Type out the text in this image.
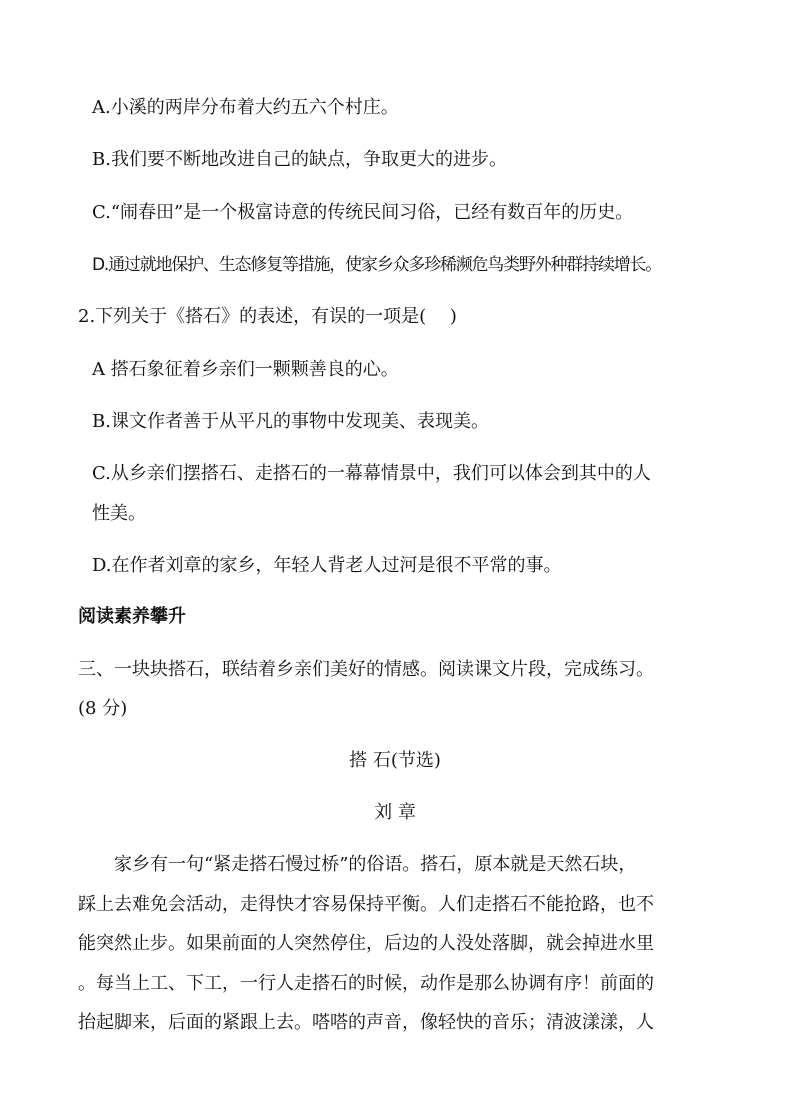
A.小溪的两岸分布着大约五六个村庄。
B.我们要不断地改进自己的缺点，争取更大的进步。
C.“闹春田”是一个极富诗意的传统民间习俗，已经有数百年的历史。
D.通过就地保护、生态修复等措施，使家乡众多珍稀濒危鸟类野外种群持续增长。
2.下列关于《搭石》的表述，有误的一项是(　 )
A 搭石象征着乡亲们一颗颗善良的心。
B.课文作者善于从平凡的事物中发现美、表现美。
C.从乡亲们摆搭石、走搭石的一幕幕情景中，我们可以体会到其中的人
性美。
D.在作者刘章的家乡，年轻人背老人过河是很不平常的事。
阅读素养攀升
三、一块块搭石，联结着乡亲们美好的情感。阅读课文片段，完成练习。
(8 分)
搭 石(节选)
刘 章
家乡有一句“紧走搭石慢过桥”的俗语。搭石，原本就是天然石块，
踩上去难免会活动，走得快才容易保持平衡。人们走搭石不能抢路，也不
能突然止步。如果前面的人突然停住，后边的人没处落脚，就会掉进水里
。每当上工、下工，一行人走搭石的时候，动作是那么协调有序！前面的
抬起脚来，后面的紧跟上去。嗒嗒的声音，像轻快的音乐；清波漾漾，人
